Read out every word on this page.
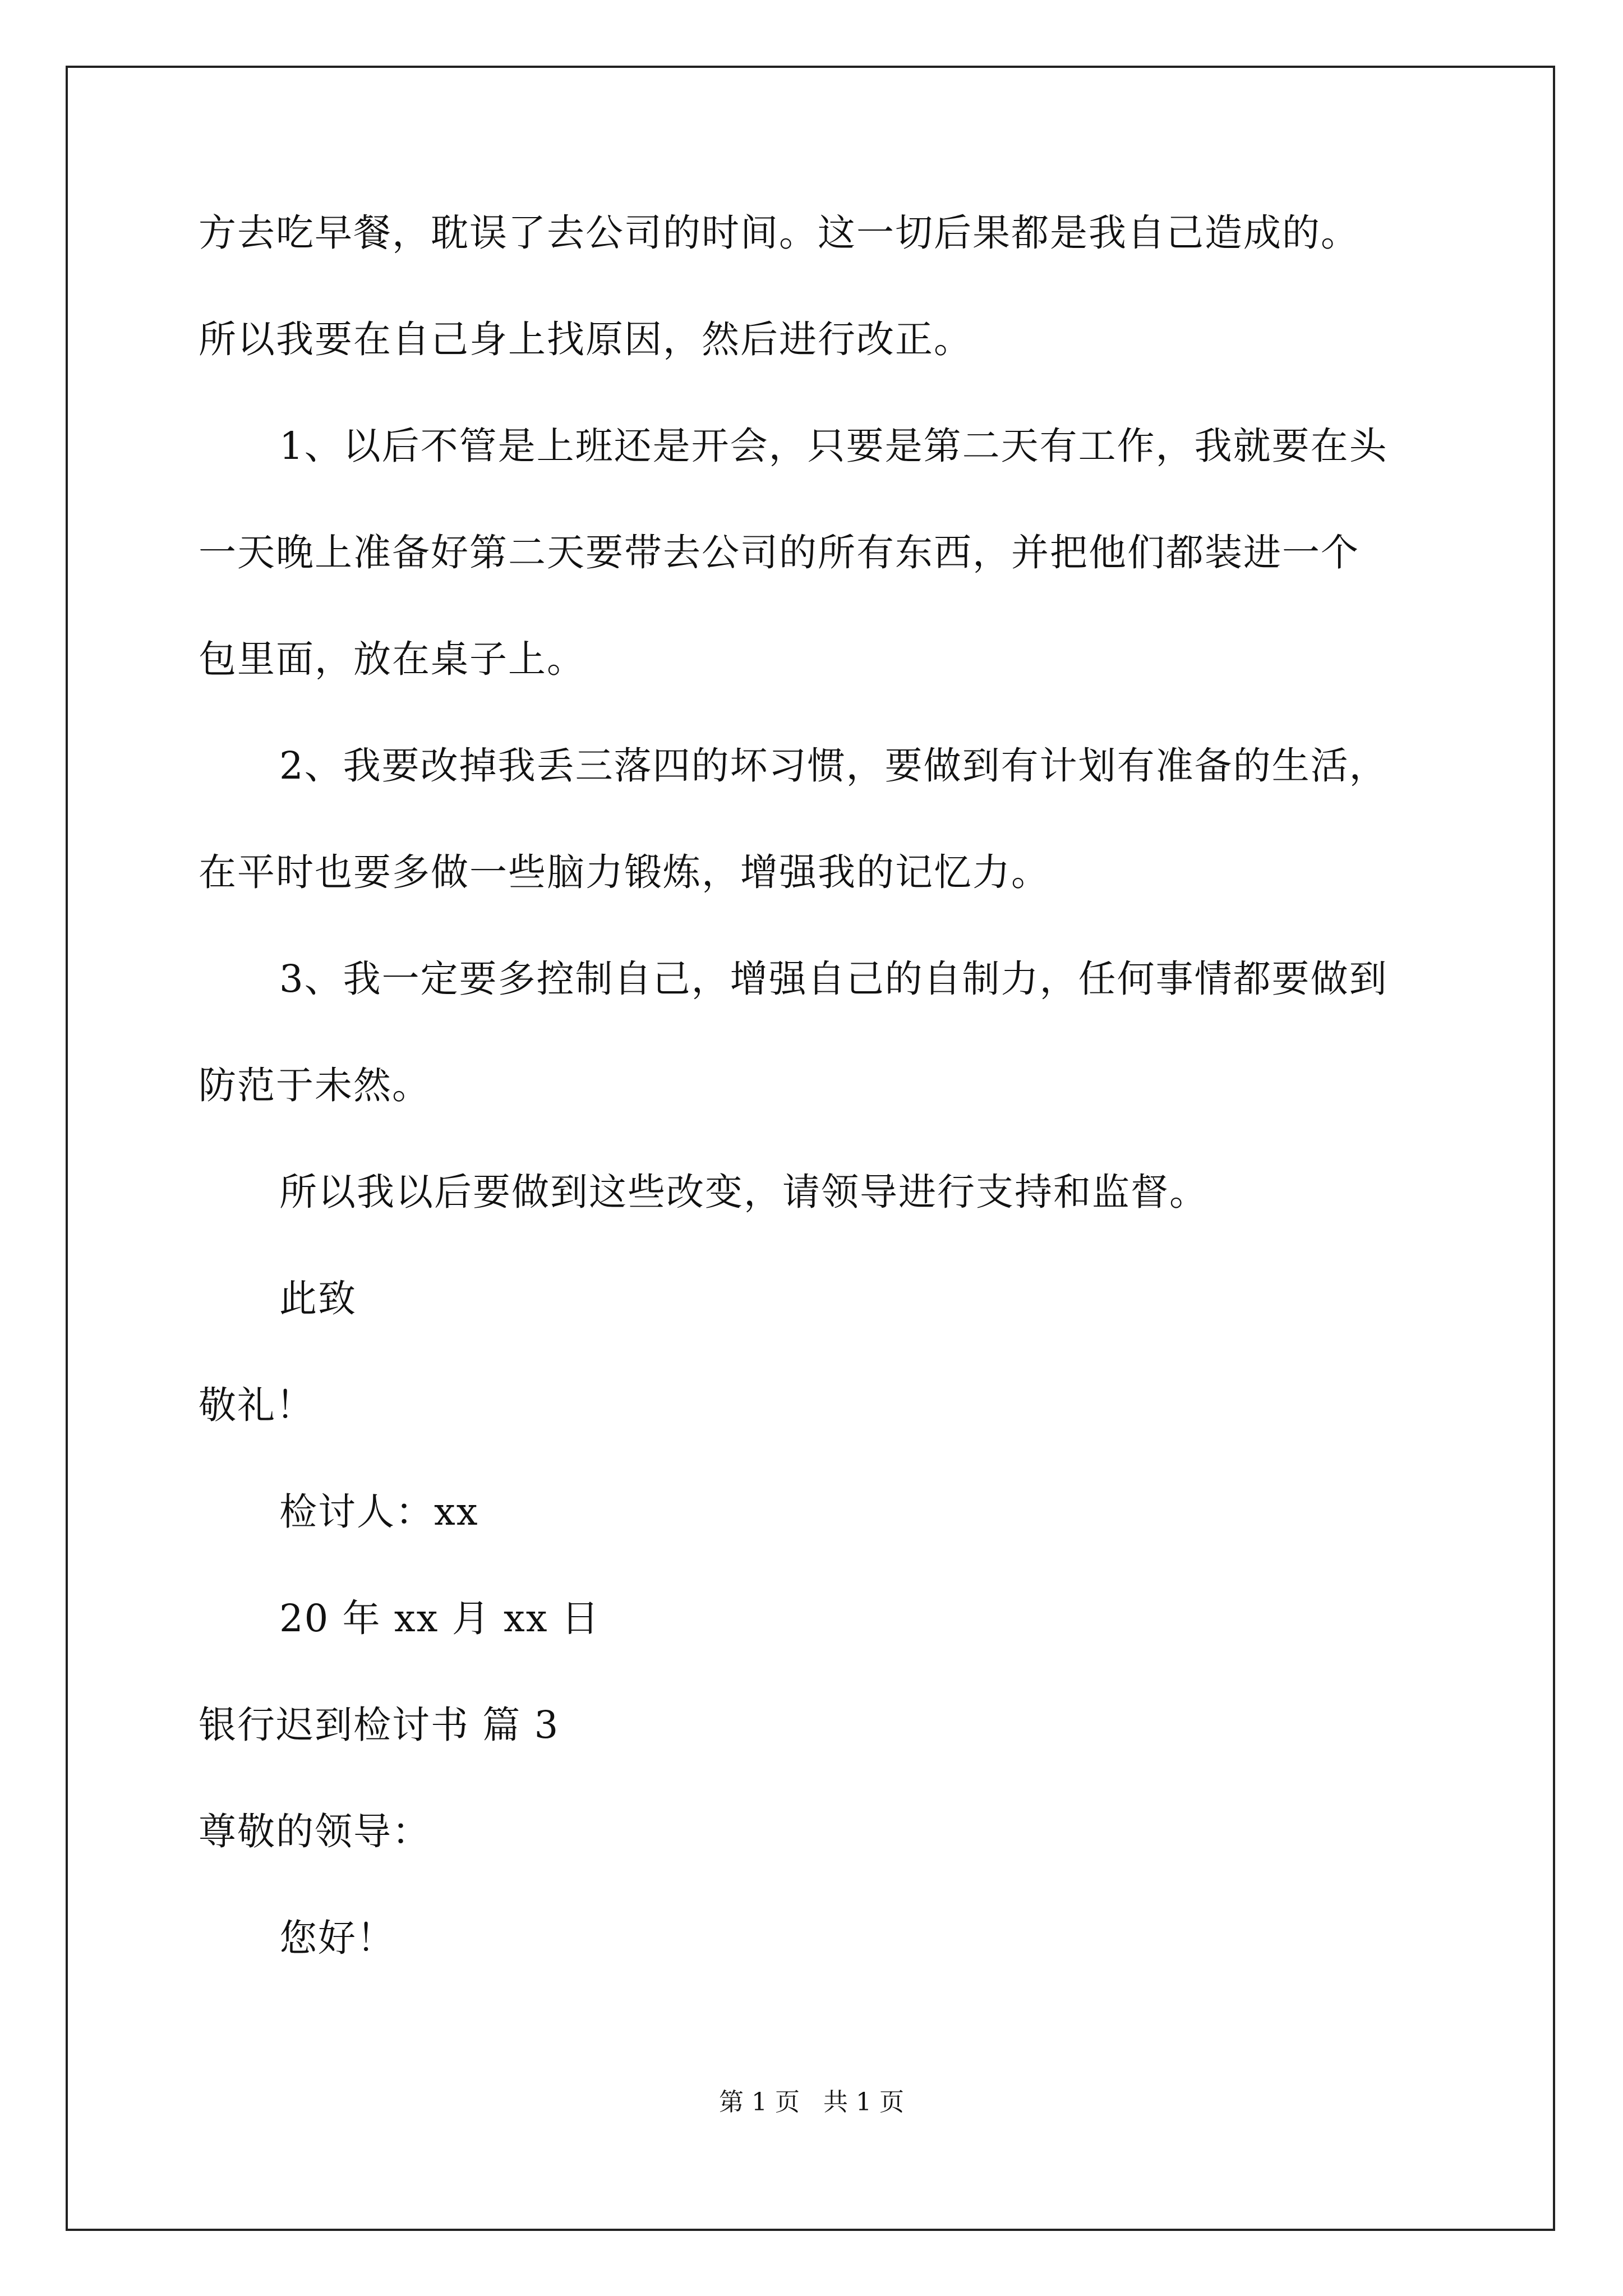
方去吃早餐，耽误了去公司的时间。这一切后果都是我自己造成的。
所以我要在自己身上找原因，然后进行改正。
1、以后不管是上班还是开会，只要是第二天有工作，我就要在头
一天晚上准备好第二天要带去公司的所有东西，并把他们都装进一个
包里面，放在桌子上。
2、我要改掉我丢三落四的坏习惯，要做到有计划有准备的生活，
在平时也要多做一些脑力锻炼，增强我的记忆力。
3、我一定要多控制自己，增强自己的自制力，任何事情都要做到
防范于未然。
所以我以后要做到这些改变，请领导进行支持和监督。
此致
敬礼！
检讨人：xx
20 年 xx 月 xx 日
银行迟到检讨书 篇 3
尊敬的领导：
您好！
第 1 页   共 1 页
